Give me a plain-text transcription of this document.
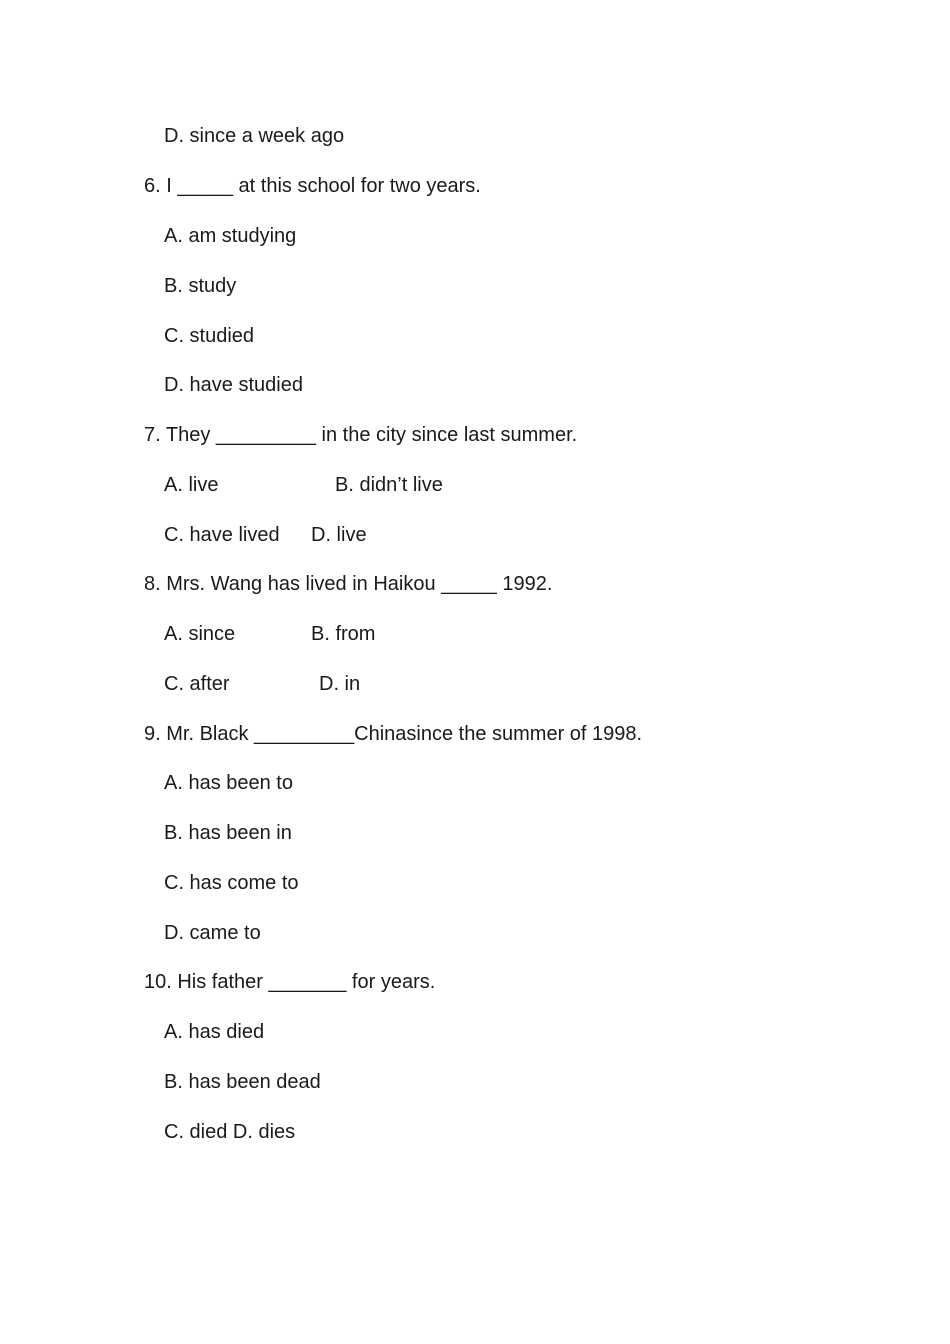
D. since a week ago
6. I _____ at this school for two years.
A. am studying
B. study
C. studied
D. have studied
7. They _________ in the city since last summer.
A. live	B. didn’t live
C. have lived D. live
8. Mrs. Wang has lived in Haikou _____ 1992.
A. since	B. from
C. after	D. in
9. Mr. Black _________Chinasince the summer of 1998.
A. has been to
B. has been in
C. has come to
D. came to
10. His father _______ for years.
A. has died
B. has been dead
C. died D. dies
